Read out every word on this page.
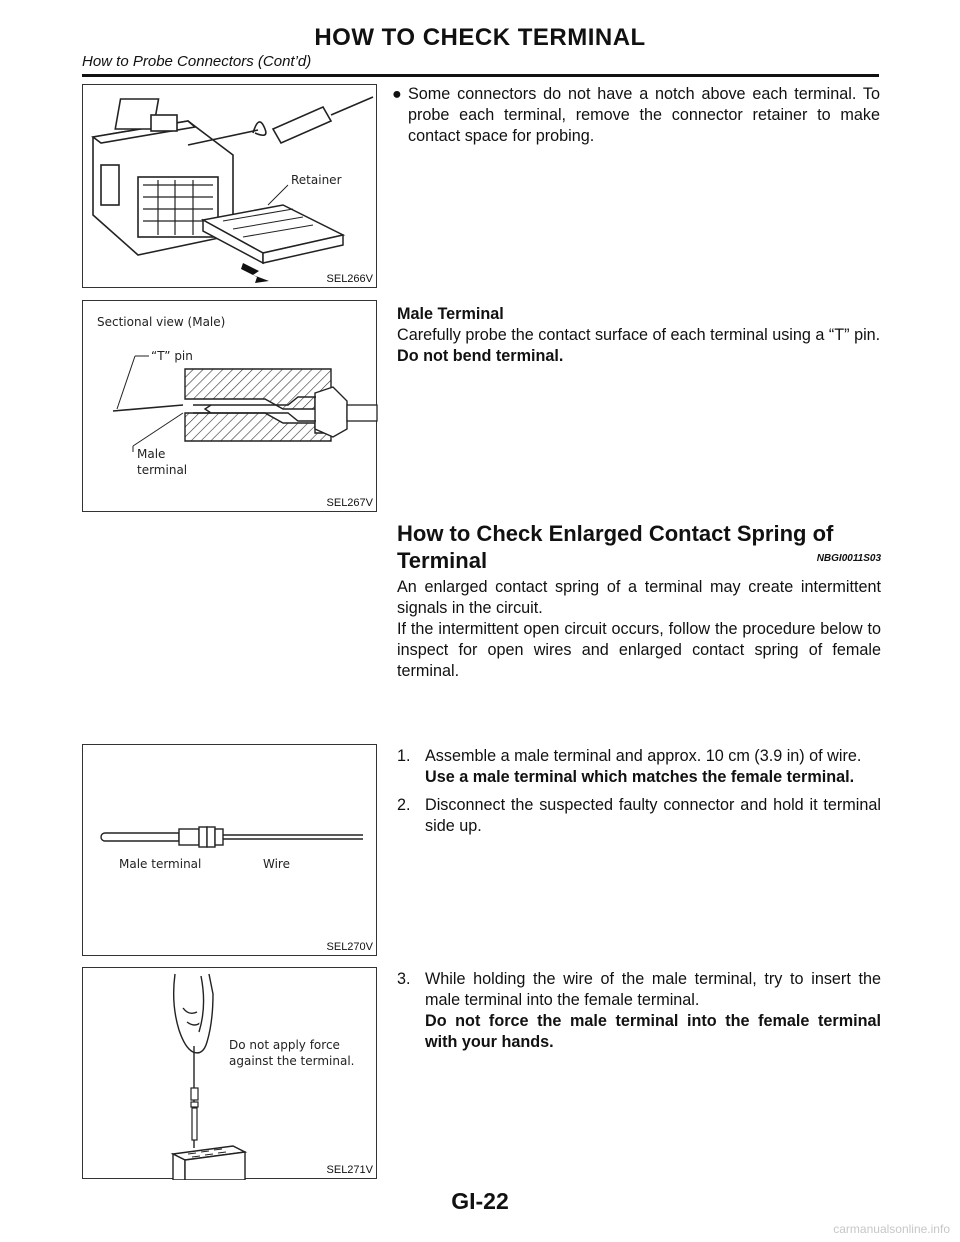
HOW TO CHECK TERMINAL
How to Probe Connectors (Cont’d)
Retainer
SEL266V
Sectional view (Male)
“T” pin
Male
terminal
SEL267V
Male terminal	Wire
SEL270V
Do not apply force
against the terminal.
SEL271V
● Some connectors do not have a notch above each terminal. To probe each terminal, remove the connector retainer to make contact space for probing.
Male Terminal
Carefully probe the contact surface of each terminal using a “T” pin.
Do not bend terminal.
How to Check Enlarged Contact Spring of
Terminal	NBGI0011S03
An enlarged contact spring of a terminal may create intermittent signals in the circuit.
If the intermittent open circuit occurs, follow the procedure below to inspect for open wires and enlarged contact spring of female terminal.
1. Assemble a male terminal and approx. 10 cm (3.9 in) of wire.
Use a male terminal which matches the female terminal.
2. Disconnect the suspected faulty connector and hold it terminal side up.
3. While holding the wire of the male terminal, try to insert the male terminal into the female terminal.
Do not force the male terminal into the female terminal with your hands.
GI-22
carmanualsonline.info
